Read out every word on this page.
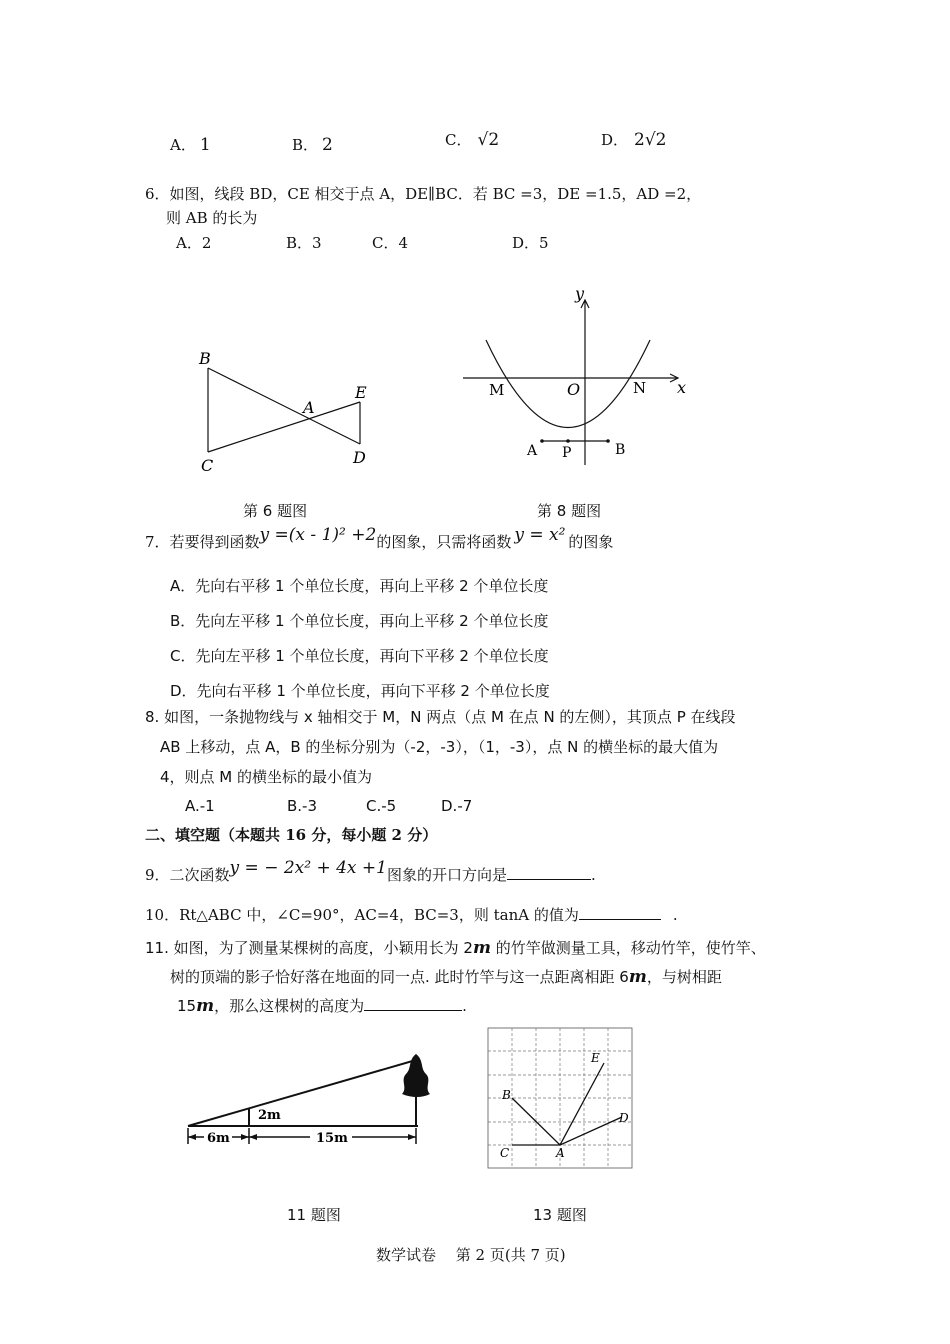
A． 1	B． 2	C． √2	D． 2√2
6．如图，线段 BD，CE 相交于点 A，DE∥BC．若 BC =3，DE =1.5，AD =2，
则 AB 的长为
A．2	B．3	C．4	D．5
B
A
E
C	D
y
x
O
M	N
A P	B
第 6 题图	第 8 题图
7．若要得到函数y =(x - 1)² +2的图象，只需将函数 y = x² 的图象
A．先向右平移 1 个单位长度，再向上平移 2 个单位长度
B．先向左平移 1 个单位长度，再向上平移 2 个单位长度
C．先向左平移 1 个单位长度，再向下平移 2 个单位长度
D．先向右平移 1 个单位长度，再向下平移 2 个单位长度
8. 如图，一条抛物线与 x 轴相交于 M，N 两点（点 M 在点 N 的左侧），其顶点 P 在线段
AB 上移动，点 A，B 的坐标分别为（-2，-3），（1，-3），点 N 的横坐标的最大值为
4，则点 M 的横坐标的最小值为
A.-1	B.-3	C.-5	D.-7
二、填空题（本题共 16 分，每小题 2 分）
9．二次函数y = − 2x² + 4x +1图象的开口方向是	.
10．Rt△ABC 中，∠C=90°，AC=4，BC=3，则 tanA 的值为	.
11. 如图，为了测量某棵树的高度，小颖用长为 2m 的竹竿做测量工具，移动竹竿，使竹竿、
树的顶端的影子恰好落在地面的同一点. 此时竹竿与这一点距离相距 6m，与树相距
15m，那么这棵树的高度为	.
2m
6m	15m
E
B
D
C	A
11 题图	13 题图
数学试卷　 第 2 页(共 7 页)
